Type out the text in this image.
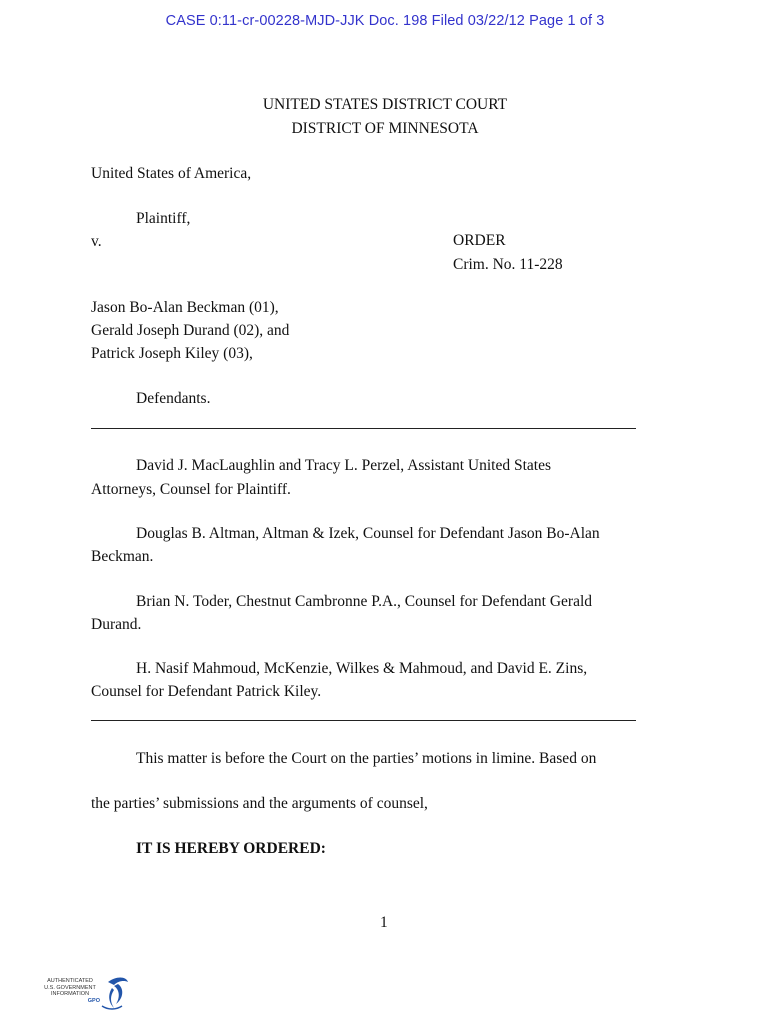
CASE 0:11-cr-00228-MJD-JJK Doc. 198 Filed 03/22/12 Page 1 of 3
UNITED STATES DISTRICT COURT
DISTRICT OF MINNESOTA
United States of America,
Plaintiff,
v.	ORDER
Crim. No. 11-228
Jason Bo-Alan Beckman (01),
Gerald Joseph Durand (02), and
Patrick Joseph Kiley (03),
Defendants.
David J. MacLaughlin and Tracy L. Perzel, Assistant United States
Attorneys, Counsel for Plaintiff.
Douglas B. Altman, Altman & Izek, Counsel for Defendant Jason Bo-Alan
Beckman.
Brian N. Toder, Chestnut Cambronne P.A., Counsel for Defendant Gerald
Durand.
H. Nasif Mahmoud, McKenzie, Wilkes & Mahmoud, and David E. Zins,
Counsel for Defendant Patrick Kiley.
This matter is before the Court on the parties’ motions in limine. Based on
the parties’ submissions and the arguments of counsel,
IT IS HEREBY ORDERED:
1
AUTHENTICATED
U.S. GOVERNMENT
INFORMATION
GPO
